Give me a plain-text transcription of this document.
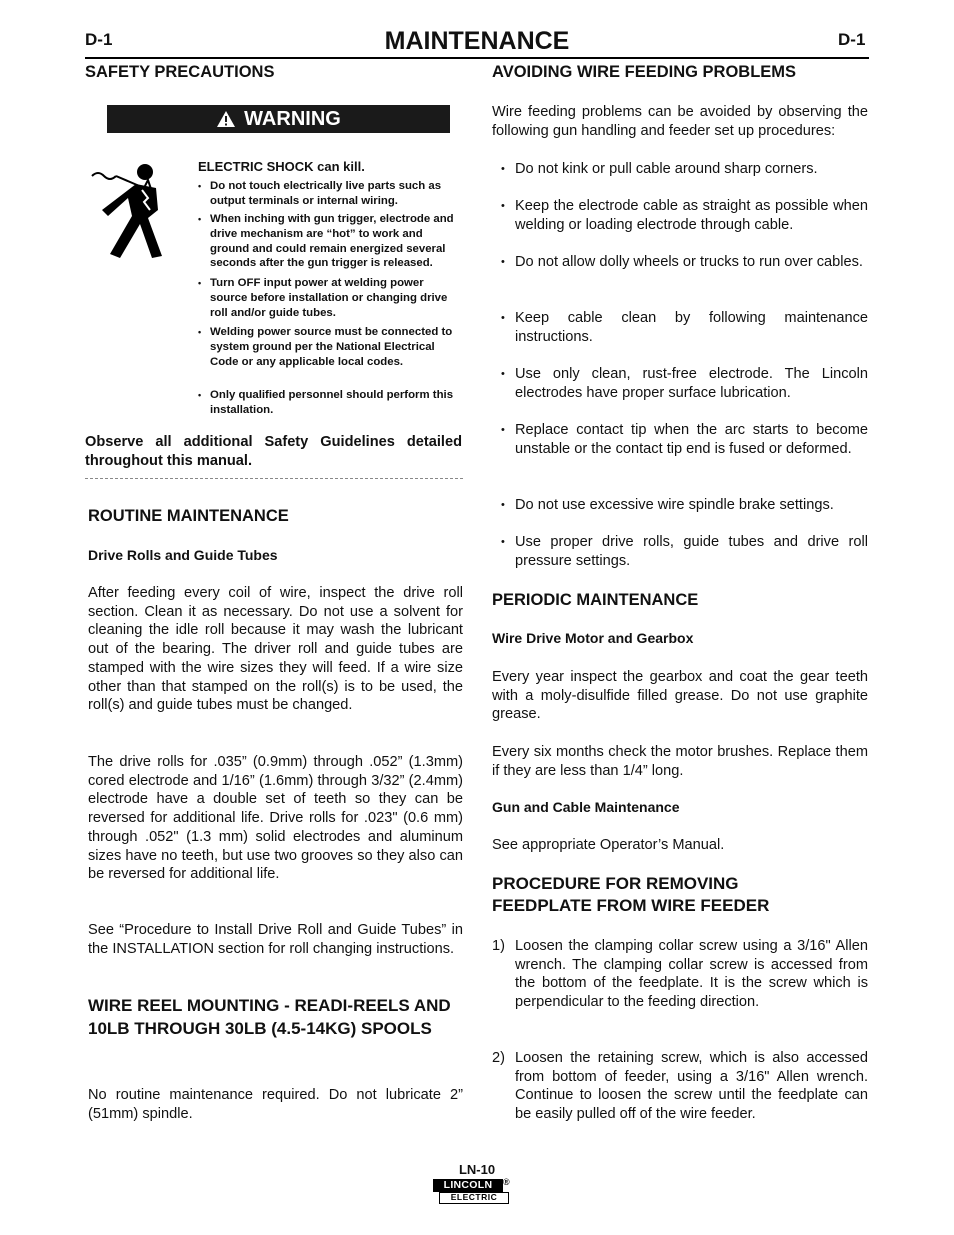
D-1	MAINTENANCE	D-1
SAFETY PRECAUTIONS
WARNING
ELECTRIC SHOCK can kill.
• Do not touch electrically live parts such as output terminals or internal wiring.
• When inching with gun trigger, electrode and drive mechanism are “hot” to work and ground and could remain energized several seconds after the gun trigger is released.
• Turn OFF input power at welding power source before installation or changing drive roll and/or guide tubes.
• Welding power source must be connected to system ground per the National Electrical Code or any applicable local codes.
• Only qualified personnel should perform this installation.
Observe all additional Safety Guidelines detailed throughout this manual.
ROUTINE MAINTENANCE
Drive Rolls and Guide Tubes
After feeding every coil of wire, inspect the drive roll section. Clean it as necessary. Do not use a solvent for cleaning the idle roll because it may wash the lubricant out of the bearing. The driver roll and guide tubes are stamped with the wire sizes they will feed. If a wire size other than that stamped on the roll(s) is to be used, the roll(s) and guide tubes must be changed.
The drive rolls for .035” (0.9mm) through .052” (1.3mm) cored electrode and 1/16” (1.6mm) through 3/32” (2.4mm) electrode have a double set of teeth so they can be reversed for additional life. Drive rolls for .023" (0.6 mm) through .052" (1.3 mm) solid electrodes and aluminum sizes have no teeth, but use two grooves so they also can be reversed for additional life.
See “Procedure to Install Drive Roll and Guide Tubes” in the INSTALLATION section for roll changing instructions.
WIRE REEL MOUNTING - READI-REELS AND 10LB THROUGH 30LB (4.5-14KG) SPOOLS
No routine maintenance required. Do not lubricate 2” (51mm) spindle.
AVOIDING WIRE FEEDING PROBLEMS
Wire feeding problems can be avoided by observing the following gun handling and feeder set up procedures:
• Do not kink or pull cable around sharp corners.
• Keep the electrode cable as straight as possible when welding or loading electrode through cable.
• Do not allow dolly wheels or trucks to run over cables.
• Keep cable clean by following maintenance instructions.
• Use only clean, rust-free electrode. The Lincoln electrodes have proper surface lubrication.
• Replace contact tip when the arc starts to become unstable or the contact tip end is fused or deformed.
• Do not use excessive wire spindle brake settings.
• Use proper drive rolls, guide tubes and drive roll pressure settings.
PERIODIC MAINTENANCE
Wire Drive Motor and Gearbox
Every year inspect the gearbox and coat the gear teeth with a moly-disulfide filled grease. Do not use graphite grease.
Every six months check the motor brushes. Replace them if they are less than 1/4” long.
Gun and Cable Maintenance
See appropriate Operator’s Manual.
PROCEDURE FOR REMOVING FEEDPLATE FROM WIRE FEEDER
1) Loosen the clamping collar screw using a 3/16" Allen wrench. The clamping collar screw is accessed from the bottom of the feedplate. It is the screw which is perpendicular to the feeding direction.
2) Loosen the retaining screw, which is also accessed from bottom of feeder, using a 3/16" Allen wrench. Continue to loosen the screw until the feedplate can be easily pulled off of the wire feeder.
LN-10
LINCOLN	®
ELECTRIC
